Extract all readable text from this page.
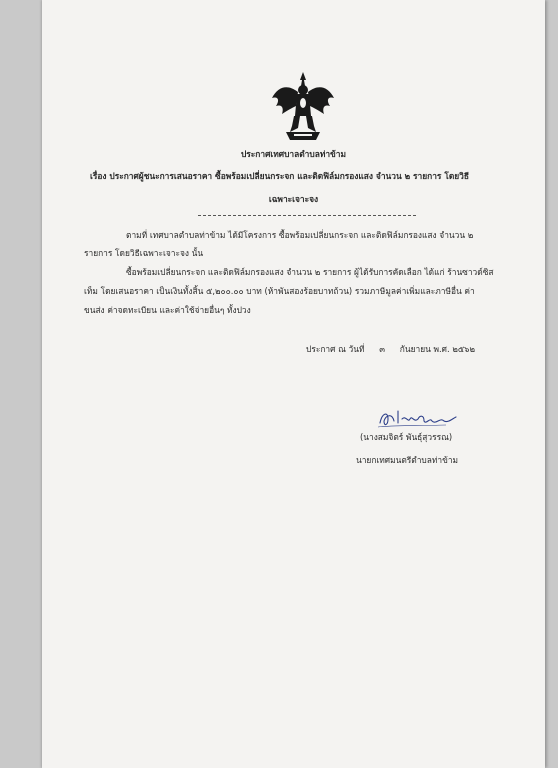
ประกาศเทศบาลตำบลท่าข้าม
เรื่อง ประกาศผู้ชนะการเสนอราคา ซื้อพร้อมเปลี่ยนกระจก และติดฟิล์มกรองแสง จำนวน ๒ รายการ โดยวิธี
เฉพาะเจาะจง
ตามที่ เทศบาลตำบลท่าข้าม ได้มีโครงการ ซื้อพร้อมเปลี่ยนกระจก และติดฟิล์มกรองแสง จำนวน ๒
รายการ โดยวิธีเฉพาะเจาะจง นั้น
ซื้อพร้อมเปลี่ยนกระจก และติดฟิล์มกรองแสง จำนวน ๒ รายการ ผู้ได้รับการคัดเลือก ได้แก่ ร้านซาวด์ซิส
เท็ม โดยเสนอราคา เป็นเงินทั้งสิ้น ๕,๒๐๐.๐๐ บาท (ห้าพันสองร้อยบาทถ้วน) รวมภาษีมูลค่าเพิ่มและภาษีอื่น ค่า
ขนส่ง ค่าจดทะเบียน และค่าใช้จ่ายอื่นๆ ทั้งปวง
ประกาศ ณ วันที่ ๓ กันยายน พ.ศ. ๒๕๖๒
(นางสมจิตร์ พันธุ์สุวรรณ)
นายกเทศมนตรีตำบลท่าข้าม
